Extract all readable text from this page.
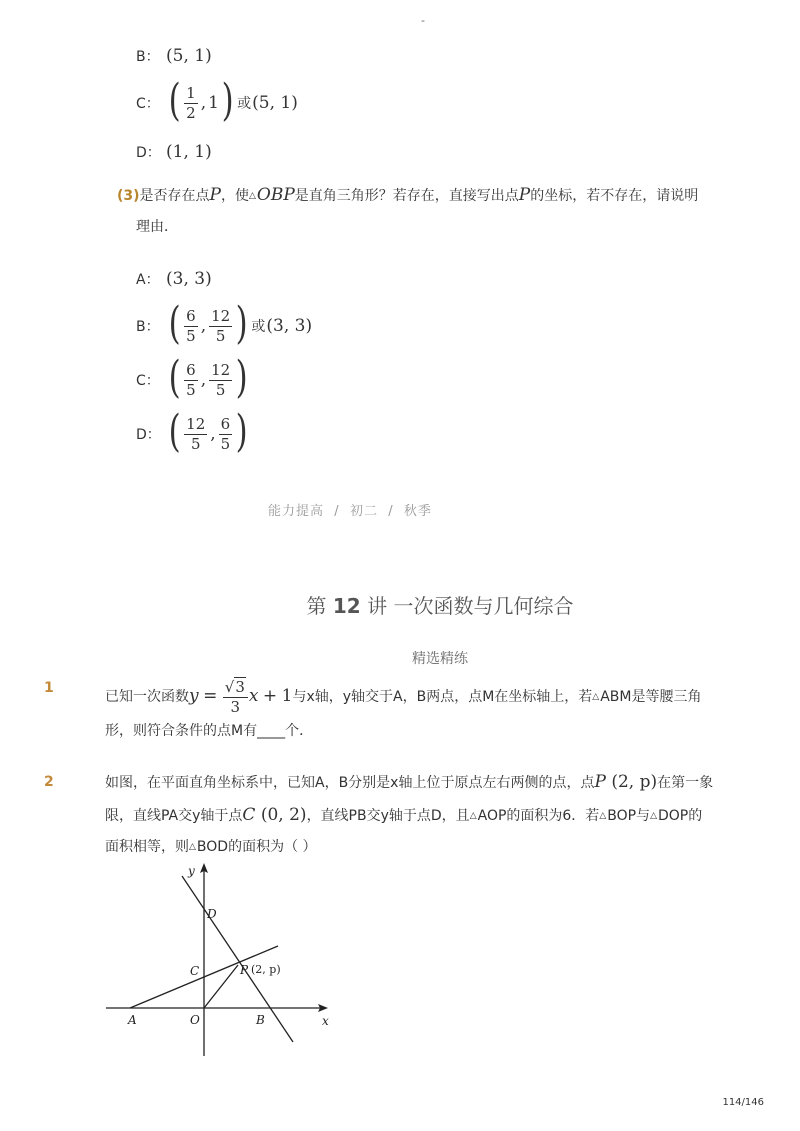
-
B： (5, 1)
C： ( $\frac{1}{2}$ , 1 ) 或 (5, 1)
D： (1, 1)
(3)是否存在点P，使△OBP是直角三角形？若存在，直接写出点P的坐标，若不存在，请说明
理由．
A： (3, 3)
B： ( $\frac{6}{5}$ , $\frac{12}{5}$ ) 或 (3, 3)
C： ( $\frac{6}{5}$ , $\frac{12}{5}$ )
D： ( $\frac{12}{5}$ , $\frac{6}{5}$ )
能力提高 / 初二 / 秋季
第 12 讲 一次函数与几何综合
精选精练
1
已知一次函数$y = \frac{√3}{3}$ x + 1与x轴，y轴交于A，B两点，点M在坐标轴上，若△ABM是等腰三角
形，则符合条件的点M有____个．
2	如图，在平面直角坐标系中，已知A，B分别是x轴上位于原点左右两侧的点，点P (2, p)在第一象
限，直线PA交y轴于点C (0, 2)，直线PB交y轴于点D，且△AOP的面积为6．若△BOP与△DOP的
面积相等，则△BOD的面积为（ ）
y
x
D
C	P (2, p)
A	O	B
114/146
